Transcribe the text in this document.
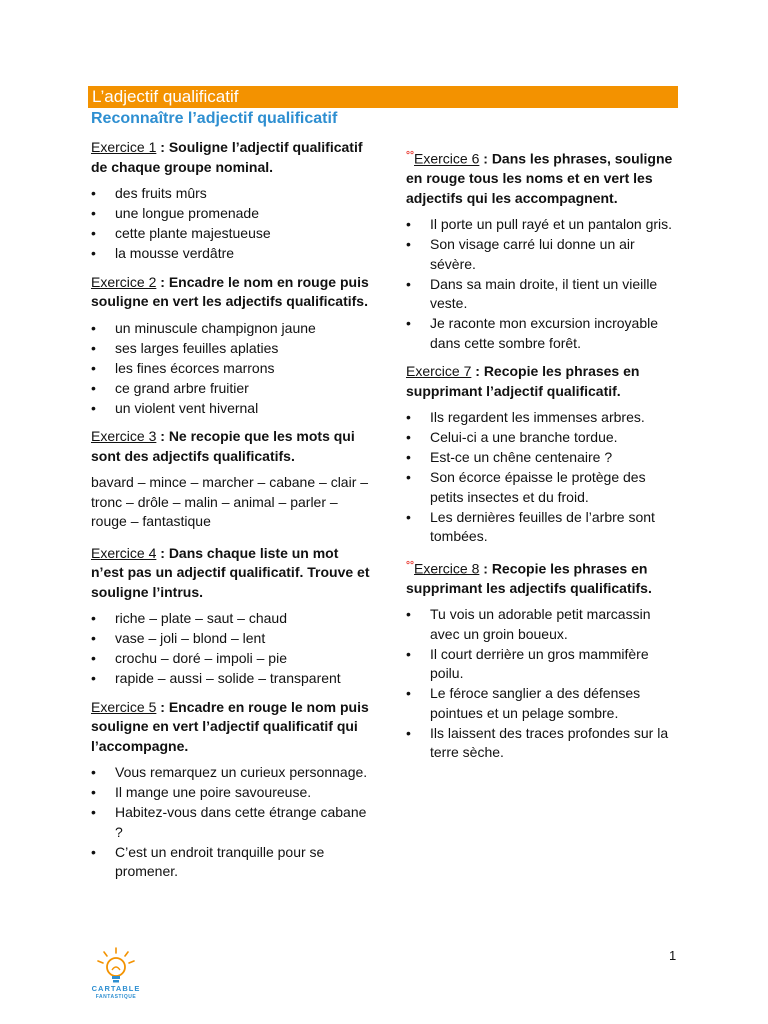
L’adjectif qualificatif
Reconnaître l’adjectif qualificatif
Exercice 1 : Souligne l’adjectif qualificatif de chaque groupe nominal.
• des fruits mûrs
• une longue promenade
• cette plante majestueuse
• la mousse verdâtre
Exercice 2 : Encadre le nom en rouge puis souligne en vert les adjectifs qualificatifs.
• un minuscule champignon jaune
• ses larges feuilles aplaties
• les fines écorces marrons
• ce grand arbre fruitier
• un violent vent hivernal
Exercice 3 : Ne recopie que les mots qui sont des adjectifs qualificatifs.
bavard – mince – marcher – cabane – clair – tronc – drôle – malin – animal – parler – rouge – fantastique
Exercice 4 : Dans chaque liste un mot n’est pas un adjectif qualificatif. Trouve et souligne l’intrus.
• riche – plate – saut – chaud
• vase – joli – blond – lent
• crochu – doré – impoli – pie
• rapide – aussi – solide – transparent
Exercice 5 : Encadre en rouge le nom puis souligne en vert l’adjectif qualificatif qui l’accompagne.
• Vous remarquez un curieux personnage.
• Il mange une poire savoureuse.
• Habitez-vous dans cette étrange cabane ?
• C’est un endroit tranquille pour se promener.
°°Exercice 6 : Dans les phrases, souligne en rouge tous les noms et en vert les adjectifs qui les accompagnent.
• Il porte un pull rayé et un pantalon gris.
• Son visage carré lui donne un air sévère.
• Dans sa main droite, il tient un vieille veste.
• Je raconte mon excursion incroyable dans cette sombre forêt.
Exercice 7 : Recopie les phrases en supprimant l’adjectif qualificatif.
• Ils regardent les immenses arbres.
• Celui-ci a une branche tordue.
• Est-ce un chêne centenaire ?
• Son écorce épaisse le protège des petits insectes et du froid.
• Les dernières feuilles de l’arbre sont tombées.
°°Exercice 8 : Recopie les phrases en supprimant les adjectifs qualificatifs.
• Tu vois un adorable petit marcassin avec un groin boueux.
• Il court derrière un gros mammifère poilu.
• Le féroce sanglier a des défenses pointues et un pelage sombre.
• Ils laissent des traces profondes sur la terre sèche.
1
CARTABLE
FANTASTIQUE
